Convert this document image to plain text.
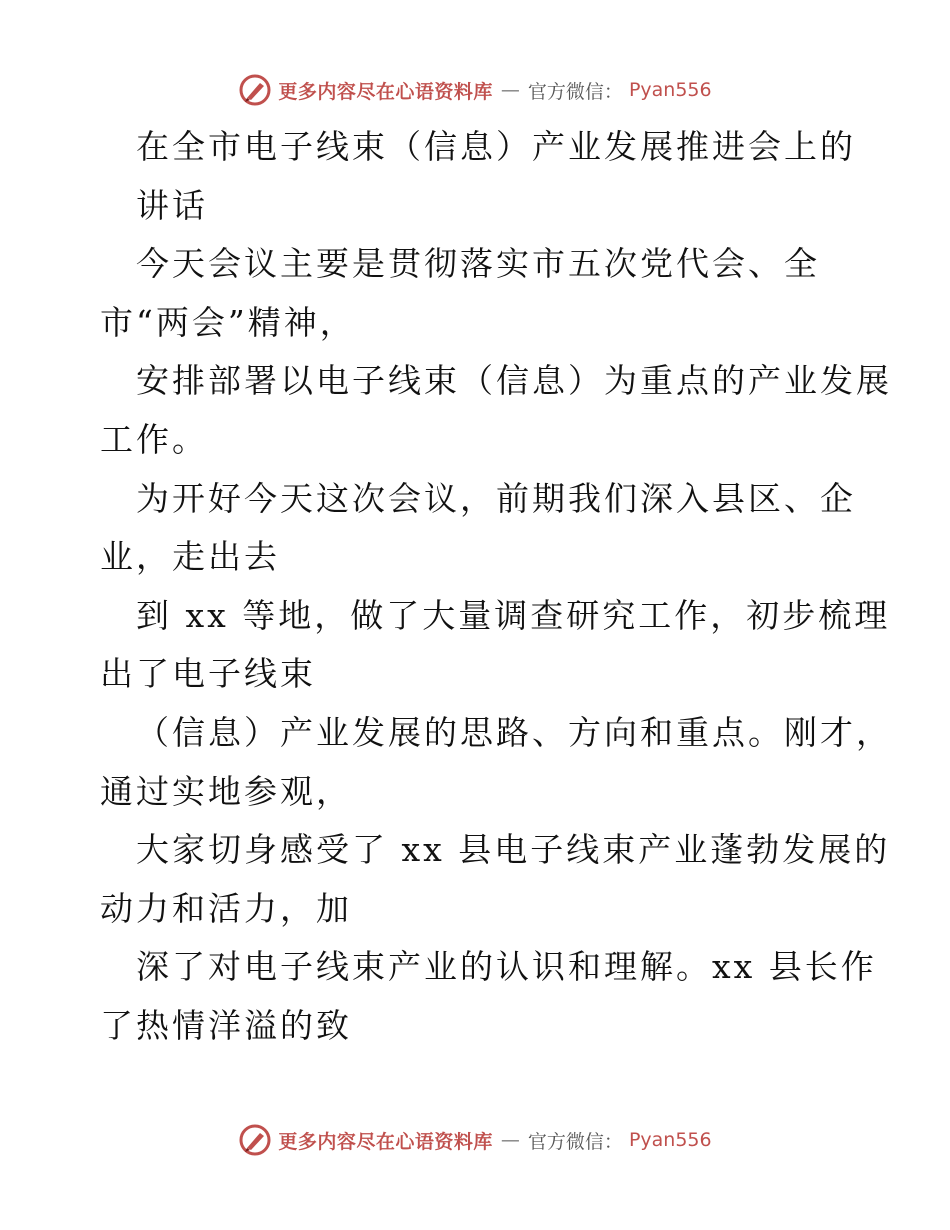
更多内容尽在心语资料库 — 官方微信： Pyan556
在全市电子线束（信息）产业发展推进会上的
讲话
今天会议主要是贯彻落实市五次党代会、全
市“两会”精神，
安排部署以电子线束（信息）为重点的产业发展
工作。
为开好今天这次会议，前期我们深入县区、企
业，走出去
到 xx 等地，做了大量调查研究工作，初步梳理
出了电子线束
（信息）产业发展的思路、方向和重点。刚才，
通过实地参观，
大家切身感受了 xx 县电子线束产业蓬勃发展的
动力和活力，加
深了对电子线束产业的认识和理解。xx 县长作
了热情洋溢的致
更多内容尽在心语资料库 — 官方微信： Pyan556
